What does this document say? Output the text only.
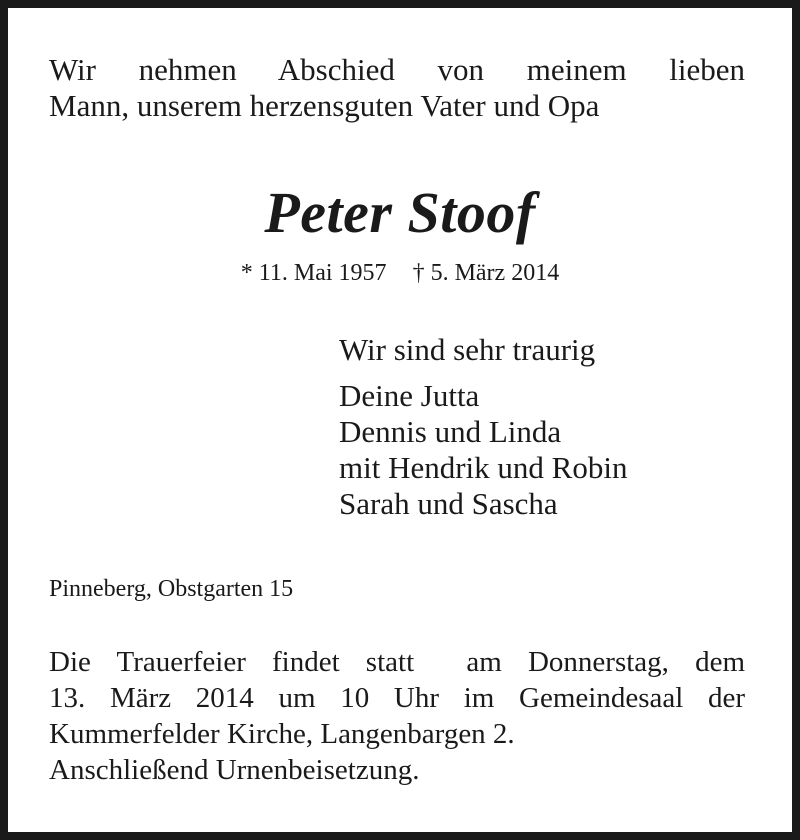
Wir nehmen Abschied von meinem lieben
Mann, unserem herzensguten Vater und Opa

Peter Stoof

* 11. Mai 1957 † 5. März 2014

Wir sind sehr traurig

Deine Jutta

Dennis und Linda

mit Hendrik und Robin

Sarah und Sascha

Pinneberg, Obstgarten 15

Die Trauerfeier findet statt  am Donnerstag, dem
13. März 2014 um 10 Uhr im Gemeindesaal der
Kummerfelder Kirche, Langenbargen 2.
Anschließend Urnenbeisetzung.
